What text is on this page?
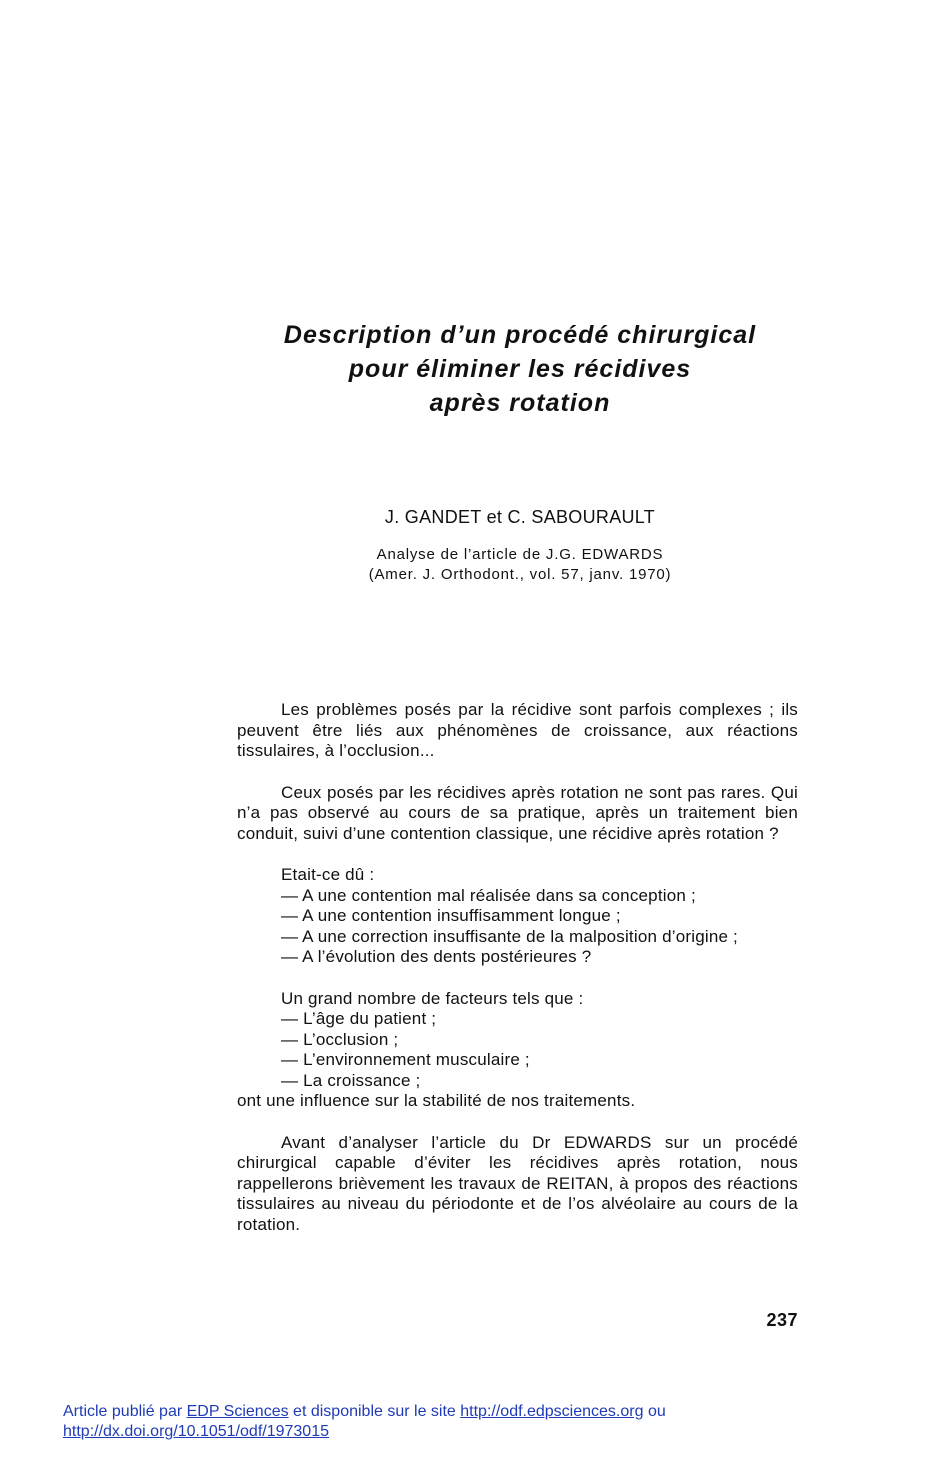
Description d’un procédé chirurgical
pour éliminer les récidives
après rotation
J. GANDET et C. SABOURAULT
Analyse de l’article de J.G. EDWARDS
(Amer. J. Orthodont., vol. 57, janv. 1970)

Les problèmes posés par la récidive sont parfois complexes ; ils peuvent être liés aux phénomènes de croissance, aux réactions tissulaires, à l’occlusion...

Ceux posés par les récidives après rotation ne sont pas rares. Qui n’a pas observé au cours de sa pratique, après un traitement bien conduit, suivi d’une contention classique, une récidive après rotation ?

Etait-ce dû :
— A une contention mal réalisée dans sa conception ;
— A une contention insuffisamment longue ;

— A une correction insuffisante de la malposition d’origine ;

— A l’évolution des dents postérieures ?
Un grand nombre de facteurs tels que :
— L’âge du patient ;
— L’occlusion ;
— L’environnement musculaire ;
— La croissance ;
ont une influence sur la stabilité de nos traitements.

Avant d’analyser l’article du Dr EDWARDS sur un procédé chirurgical capable d’éviter les récidives après rotation, nous rappellerons brièvement les travaux de REITAN, à propos des réactions tissulaires au niveau du périodonte et de l’os alvéolaire au cours de la rotation.

237
Article publié par EDP Sciences et disponible sur le site http://odf.edpsciences.org ou
http://dx.doi.org/10.1051/odf/1973015
